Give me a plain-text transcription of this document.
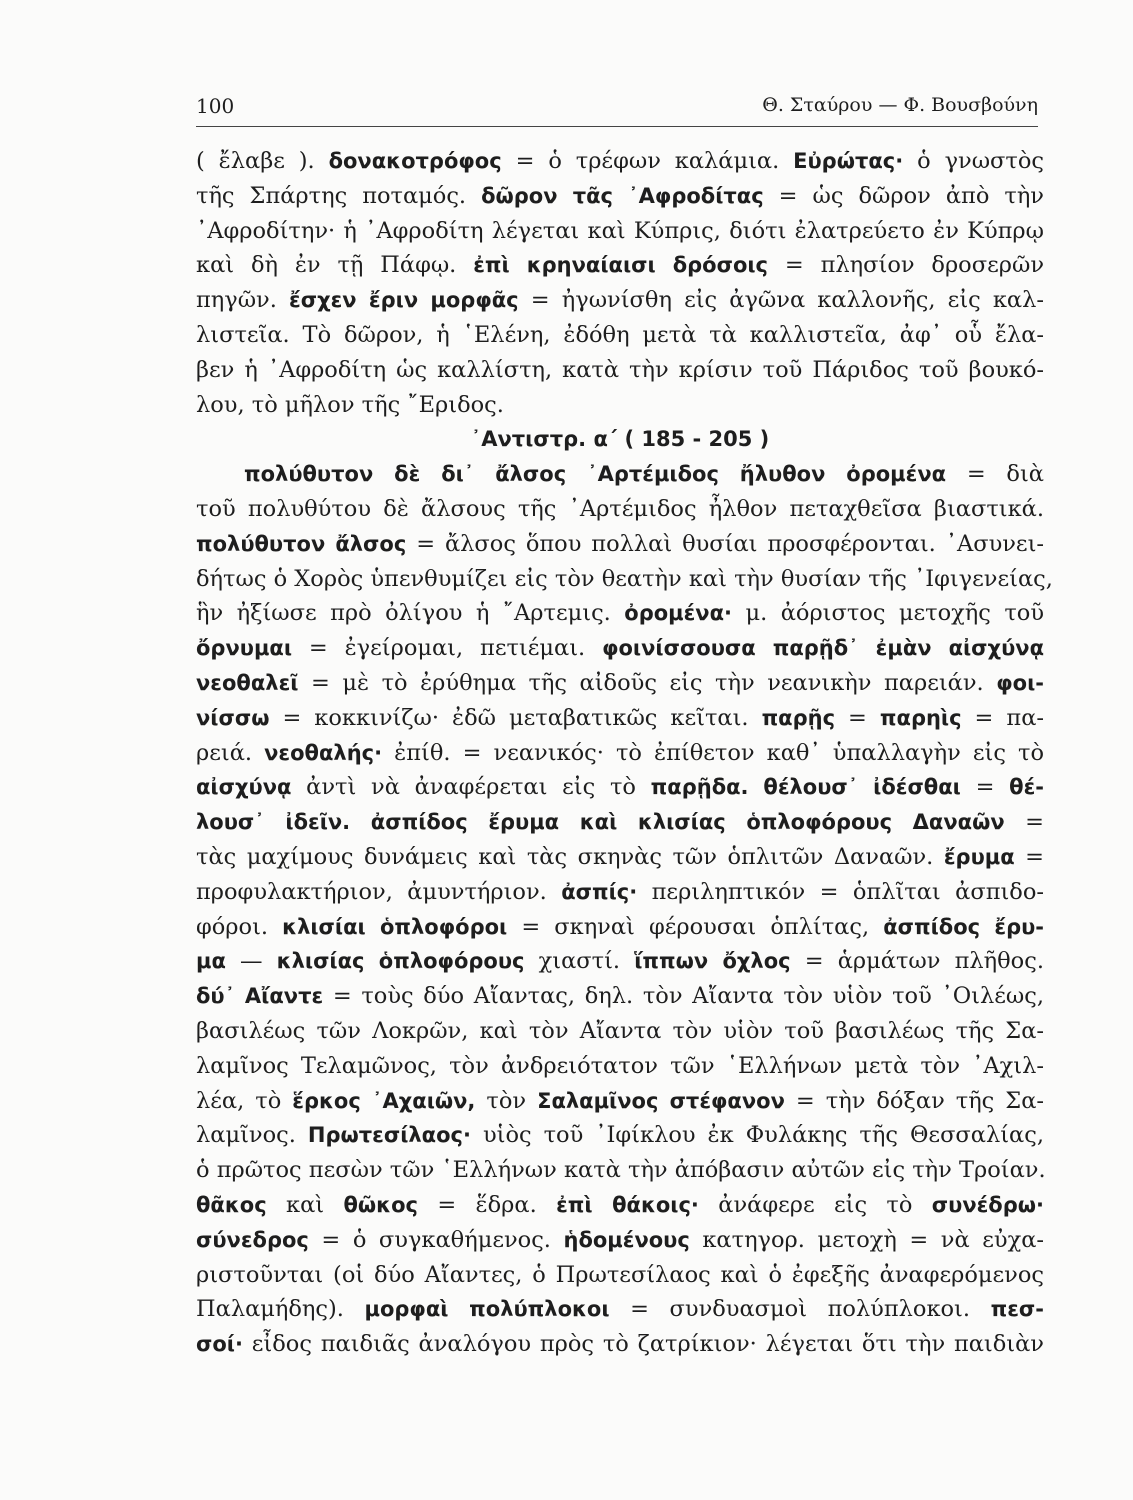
100	Θ. Σταύρου — Φ. Βουσβούνη
( ἔλαβε ). δονακοτρόφος = ὁ τρέφων καλάμια. Εὐρώτας· ὁ γνωστὸς
τῆς Σπάρτης ποταμός. δῶρον τᾶς ᾿Αφροδίτας = ὡς δῶρον ἀπὸ τὴν
᾿Αφροδίτην· ἡ ᾿Αφροδίτη λέγεται καὶ Κύπρις, διότι ἐλατρεύετο ἐν Κύπρῳ
καὶ δὴ ἐν τῇ Πάφῳ. ἐπὶ κρηναίαισι δρόσοις = πλησίον δροσερῶν
πηγῶν. ἔσχεν ἔριν μορφᾶς = ἠγωνίσθη εἰς ἀγῶνα καλλονῆς, εἰς καλ-
λιστεῖα. Τὸ δῶρον, ἡ ῾Ελένη, ἐδόθη μετὰ τὰ καλλιστεῖα, ἀφ᾿ οὗ ἔλα-
βεν ἡ ᾿Αφροδίτη ὡς καλλίστη, κατὰ τὴν κρίσιν τοῦ Πάριδος τοῦ βουκό-
λου, τὸ μῆλον τῆς ῎Εριδος.
᾿Αντιστρ. α΄ ( 185 - 205 )
πολύθυτον δὲ δι᾿ ἄλσος ᾿Αρτέμιδος ἤλυθον ὀρομένα = διὰ
τοῦ πολυθύτου δὲ ἄλσους τῆς ᾿Αρτέμιδος ἦλθον πεταχθεῖσα βιαστικά.
πολύθυτον ἄλσος = ἄλσος ὅπου πολλαὶ θυσίαι προσφέρονται. ᾿Ασυνει-
δήτως ὁ Χορὸς ὑπενθυμίζει εἰς τὸν θεατὴν καὶ τὴν θυσίαν τῆς ᾿Ιφιγενείας,
ἣν ἠξίωσε πρὸ ὀλίγου ἡ ῎Αρτεμις. ὀρομένα· μ. ἀόριστος μετοχῆς τοῦ
ὄρνυμαι = ἐγείρομαι, πετιέμαι. φοινίσσουσα παρῇδ᾿ ἐμὰν αἰσχύνᾳ
νεοθαλεῖ = μὲ τὸ ἐρύθημα τῆς αἰδοῦς εἰς τὴν νεανικὴν παρειάν. φοι-
νίσσω = κοκκινίζω· ἐδῶ μεταβατικῶς κεῖται. παρῇς = παρηὶς = πα-
ρειά. νεοθαλής· ἐπίθ. = νεανικός· τὸ ἐπίθετον καθ᾿ ὑπαλλαγὴν εἰς τὸ
αἰσχύνᾳ ἀντὶ νὰ ἀναφέρεται εἰς τὸ παρῇδα. θέλουσ᾿ ἰδέσθαι = θέ-
λουσ᾿ ἰδεῖν. ἀσπίδος ἔρυμα καὶ κλισίας ὁπλοφόρους Δαναῶν =
τὰς μαχίμους δυνάμεις καὶ τὰς σκηνὰς τῶν ὁπλιτῶν Δαναῶν. ἔρυμα =
προφυλακτήριον, ἀμυντήριον. ἀσπίς· περιληπτικόν = ὁπλῖται ἀσπιδο-
φόροι. κλισίαι ὁπλοφόροι = σκηναὶ φέρουσαι ὁπλίτας, ἀσπίδος ἔρυ-
μα — κλισίας ὁπλοφόρους χιαστί. ἵππων ὄχλος = ἁρμάτων πλῆθος.
δύ᾿ Αἴαντε = τοὺς δύο Αἴαντας, δηλ. τὸν Αἴαντα τὸν υἱὸν τοῦ ᾿Οιλέως,
βασιλέως τῶν Λοκρῶν, καὶ τὸν Αἴαντα τὸν υἱὸν τοῦ βασιλέως τῆς Σα-
λαμῖνος Τελαμῶνος, τὸν ἀνδρειότατον τῶν ῾Ελλήνων μετὰ τὸν ᾿Αχιλ-
λέα, τὸ ἕρκος ᾿Αχαιῶν, τὸν Σαλαμῖνος στέφανον = τὴν δόξαν τῆς Σα-
λαμῖνος. Πρωτεσίλαος· υἱὸς τοῦ ᾿Ιφίκλου ἐκ Φυλάκης τῆς Θεσσαλίας,
ὁ πρῶτος πεσὼν τῶν ῾Ελλήνων κατὰ τὴν ἀπόβασιν αὐτῶν εἰς τὴν Τροίαν.
θᾶκος καὶ θῶκος = ἕδρα. ἐπὶ θάκοις· ἀνάφερε εἰς τὸ συνέδρω·
σύνεδρος = ὁ συγκαθήμενος. ἡδομένους κατηγορ. μετοχὴ = νὰ εὐχα-
ριστοῦνται (οἱ δύο Αἴαντες, ὁ Πρωτεσίλαος καὶ ὁ ἐφεξῆς ἀναφερόμενος
Παλαμήδης). μορφαὶ πολύπλοκοι = συνδυασμοὶ πολύπλοκοι. πεσ-
σοί· εἶδος παιδιᾶς ἀναλόγου πρὸς τὸ ζατρίκιον· λέγεται ὅτι τὴν παιδιὰν
